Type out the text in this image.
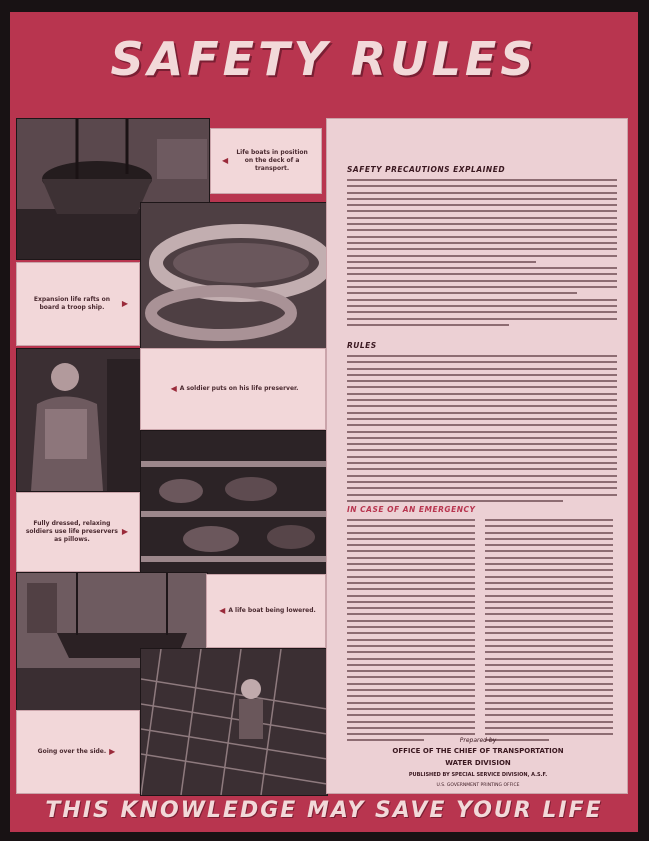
SAFETY RULES
◀
Life boats in position on the deck of a transport.
Expansion life rafts on board a troop ship.	▶
◀ A soldier puts on his life preserver.
Fully dressed, relaxing soldiers use life preservers as pillows.
▶
◀ A life boat being lowered.
Going over the side. ▶
SAFETY PRECAUTIONS EXPLAINED
RULES
IN CASE OF AN EMERGENCY
Prepared by
OFFICE OF THE CHIEF OF TRANSPORTATION
WATER DIVISION
PUBLISHED BY SPECIAL SERVICE DIVISION, A.S.F.
U.S. GOVERNMENT PRINTING OFFICE
THIS KNOWLEDGE MAY SAVE YOUR LIFE
